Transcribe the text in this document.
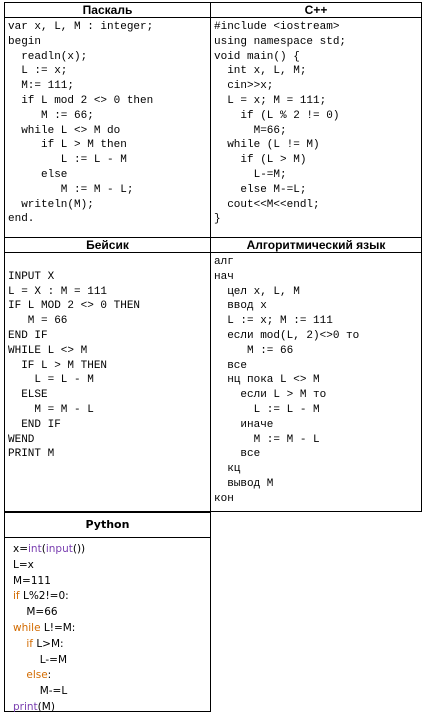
Паскаль	C++
var x, L, M : integer;
begin
readln(x);
L := x;
M:= 111;
if L mod 2 <> 0 then
M := 66;
while L <> M do
if L > M then
L := L - M
else
M := M - L;
writeln(M);
end.
#include <iostream>
using namespace std;
void main() {
int x, L, M;
cin>>x;
L = x; M = 111;
if (L % 2 != 0)
M=66;
while (L != M)
if (L > M)
L-=M;
else M-=L;
cout<<M<<endl;
}
Бейсик	Алгоритмический язык

INPUT X
L = X : M = 111
IF L MOD 2 <> 0 THEN
M = 66
END IF
WHILE L <> M
IF L > M THEN
L = L - M
ELSE
M = M - L
END IF
WEND
PRINT M
алг
нач
цел x, L, M
ввод x
L := x; M := 111
если mod(L, 2)<>0 то
M := 66
все
нц пока L <> M
если L > M то
L := L - M
иначе
M := M - L
все
кц
вывод M
кон
Python
x=int(input())
L=x
M=111
if L%2!=0:
M=66
while L!=M:
if L>M:
L-=M
else:
M-=L
print(M)
